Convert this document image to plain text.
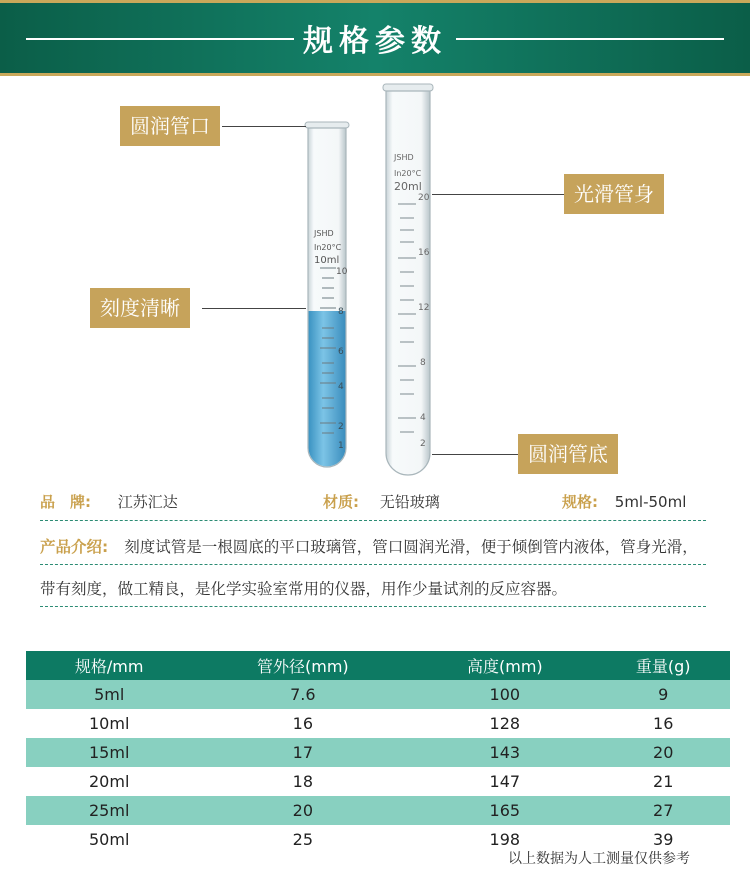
规格参数
JSHD
In20°C
10ml
10
8
6
4
2
1
JSHD
In20°C
20ml
20
16
12
8
4
2
圆润管口
刻度清晰
光滑管身
圆润管底
品　牌: 江苏汇达	材质: 无铅玻璃	规格: 5ml-50ml
产品介绍: 刻度试管是一根圆底的平口玻璃管，管口圆润光滑，便于倾倒管内液体，管身光滑，带有刻度，做工精良，是化学实验室常用的仪器，用作少量试剂的反应容器。
规格/mm	管外径(mm)	高度(mm)	重量(g)
5ml	7.6	100	9
10ml	16	128	16
15ml	17	143	20
20ml	18	147	21
25ml	20	165	27
50ml	25	198	39
以上数据为人工测量仅供参考
